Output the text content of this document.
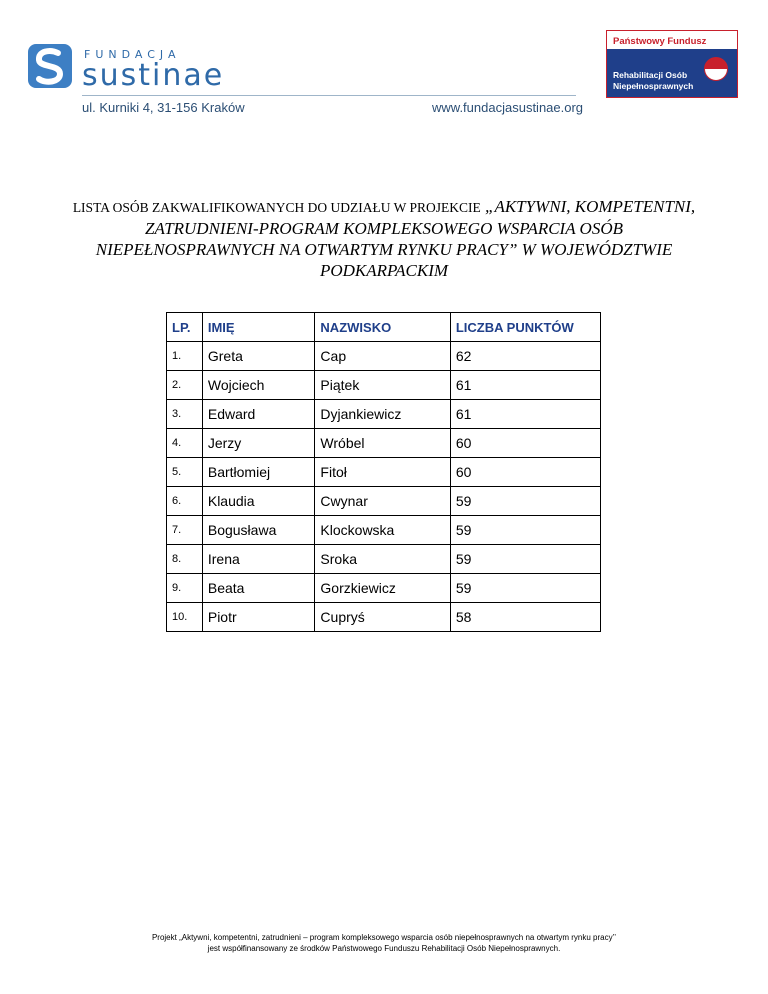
FUNDACJA
sustinae
ul. Kurniki 4, 31-156 Kraków	www.fundacjasustinae.org
Państwowy Fundusz
Rehabilitacji Osób
Niepełnosprawnych
LISTA OSÓB ZAKWALIFIKOWANYCH DO UDZIAŁU W PROJEKCIE „AKTYWNI, KOMPETENTNI, ZATRUDNIENI-PROGRAM KOMPLEKSOWEGO WSPARCIA OSÓB NIEPEŁNOSPRAWNYCH NA OTWARTYM RYNKU PRACY” W WOJEWÓDZTWIE PODKARPACKIM
LP.	IMIĘ	NAZWISKO	LICZBA PUNKTÓW
1.	Greta	Cap	62
2.	Wojciech	Piątek	61
3.	Edward	Dyjankiewicz	61
4.	Jerzy	Wróbel	60
5.	Bartłomiej	Fitoł	60
6.	Klaudia	Cwynar	59
7.	Bogusława	Klockowska	59
8.	Irena	Sroka	59
9.	Beata	Gorzkiewicz	59
10.	Piotr	Cupryś	58
Projekt „Aktywni, kompetentni, zatrudnieni – program kompleksowego wsparcia osób niepełnosprawnych na otwartym rynku pracy’’
jest współfinansowany ze środków Państwowego Funduszu Rehabilitacji Osób Niepełnosprawnych.
